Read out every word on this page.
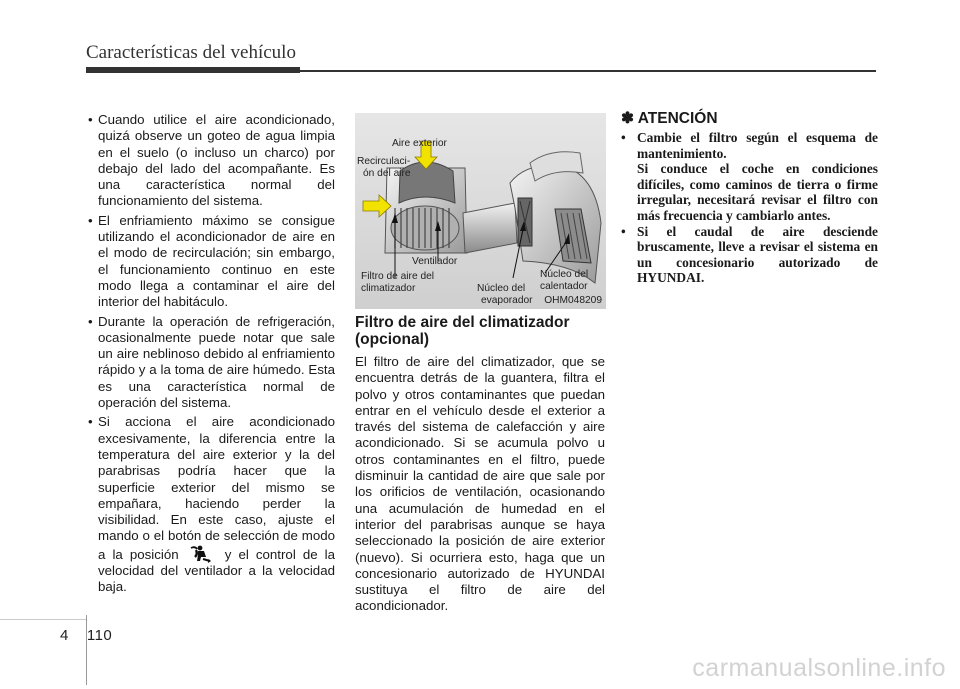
Características del vehículo
• Cuando utilice el aire acondicionado, quizá observe un goteo de agua limpia en el suelo (o incluso un charco) por debajo del lado del acompañante. Es una característica normal del funcionamiento del sistema.
• El enfriamiento máximo se consigue utilizando el acondicionador de aire en el modo de recirculación; sin embargo, el funcionamiento continuo en este modo llega a contaminar el aire del interior del habitáculo.
• Durante la operación de refrigeración, ocasionalmente puede notar que sale un aire neblinoso debido al enfriamiento rápido y a la toma de aire húmedo. Esta es una característica normal de operación del sistema.
• Si acciona el aire acondicionado excesivamente, la diferencia entre la temperatura del aire exterior y la del parabrisas podría hacer que la superficie exterior del mismo se empañara, haciendo perder la visibilidad. En este caso, ajuste el mando o el botón de selección de modo a la posición	y el control de la velocidad del ventilador a la velocidad baja.
Aire exterior
Recirculaci-
ón del aire
Ventilador
Filtro de aire del
climatizador	Núcleo del
evaporador
Núcleo del
calentador
OHM048209
Filtro de aire del climatizador (opcional)

El filtro de aire del climatizador, que se encuentra detrás de la guantera, filtra el polvo y otros contaminantes que puedan entrar en el vehículo desde el exterior a través del sistema de calefacción y aire acondicionado. Si se acumula polvo u otros contaminantes en el filtro, puede disminuir la cantidad de aire que sale por los orificios de ventilación, ocasionando una acumulación de humedad en el interior del parabrisas aunque se haya seleccionado la posición de aire exterior (nuevo). Si ocurriera esto, haga que un concesionario autorizado de HYUNDAI sustituya el filtro de aire del acondicionador.

✽ ATENCIÓN
• Cambie el filtro según el esquema de mantenimiento.
Si conduce el coche en condiciones difíciles, como caminos de tierra o firme irregular, necesitará revisar el filtro con más frecuencia y cambiarlo antes.
• Si el caudal de aire desciende bruscamente, lleve a revisar el sistema en un concesionario autorizado de HYUNDAI.
4 110
carmanualsonline.info
